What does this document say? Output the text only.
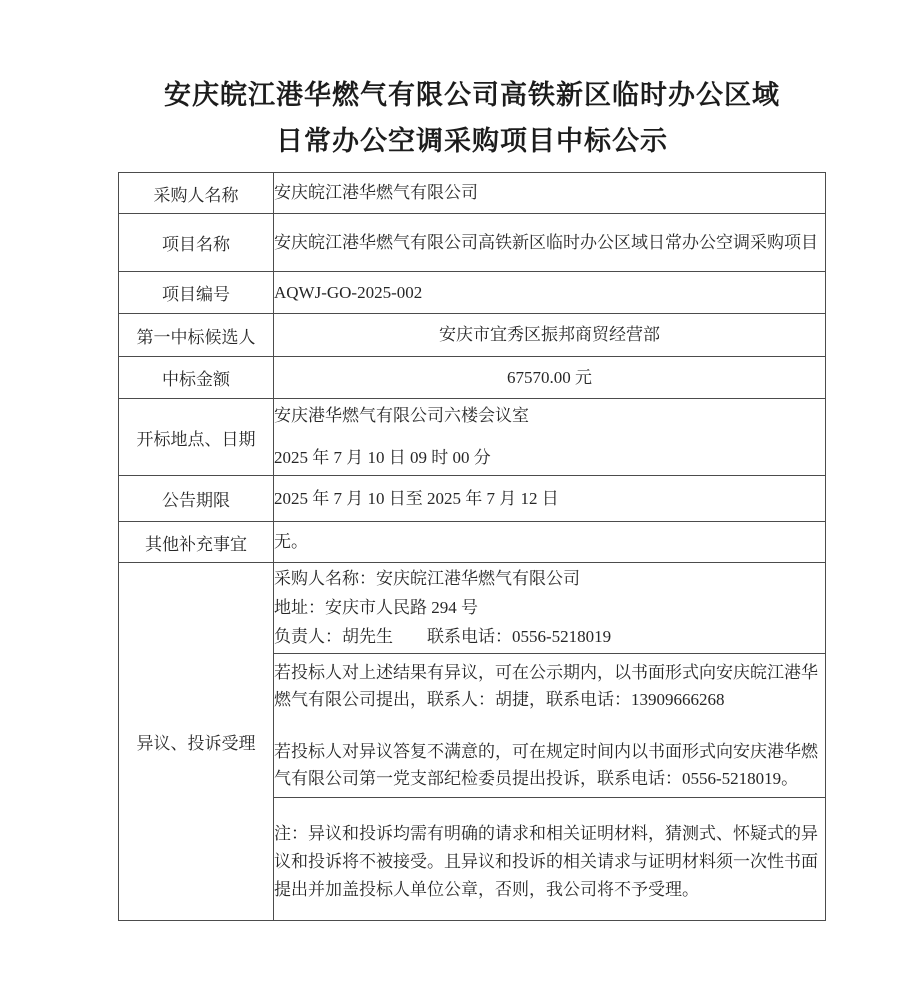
安庆皖江港华燃气有限公司高铁新区临时办公区域
日常办公空调采购项目中标公示
采购人名称	安庆皖江港华燃气有限公司
项目名称	安庆皖江港华燃气有限公司高铁新区临时办公区域日常办公空调采购项目
项目编号	AQWJ-GO-2025-002
第一中标候选人	安庆市宜秀区振邦商贸经营部
中标金额	67570.00 元
开标地点、日期	安庆港华燃气有限公司六楼会议室

2025 年 7 月 10 日 09 时 00 分

公告期限	2025 年 7 月 10 日至 2025 年 7 月 12 日
其他补充事宜	无。
异议、投诉受理	采购人名称：安庆皖江港华燃气有限公司

地址：安庆市人民路 294 号

负责人：胡先生　　联系电话：0556-5218019

	若投标人对上述结果有异议，可在公示期内，以书面形式向安庆皖江港华燃气有限公司提出，联系人：胡捷，联系电话：13909666268

若投标人对异议答复不满意的，可在规定时间内以书面形式向安庆港华燃气有限公司第一党支部纪检委员提出投诉，联系电话：0556-5218019。

	注：异议和投诉均需有明确的请求和相关证明材料，猜测式、怀疑式的异议和投诉将不被接受。且异议和投诉的相关请求与证明材料须一次性书面提出并加盖投标人单位公章，否则，我公司将不予受理。
